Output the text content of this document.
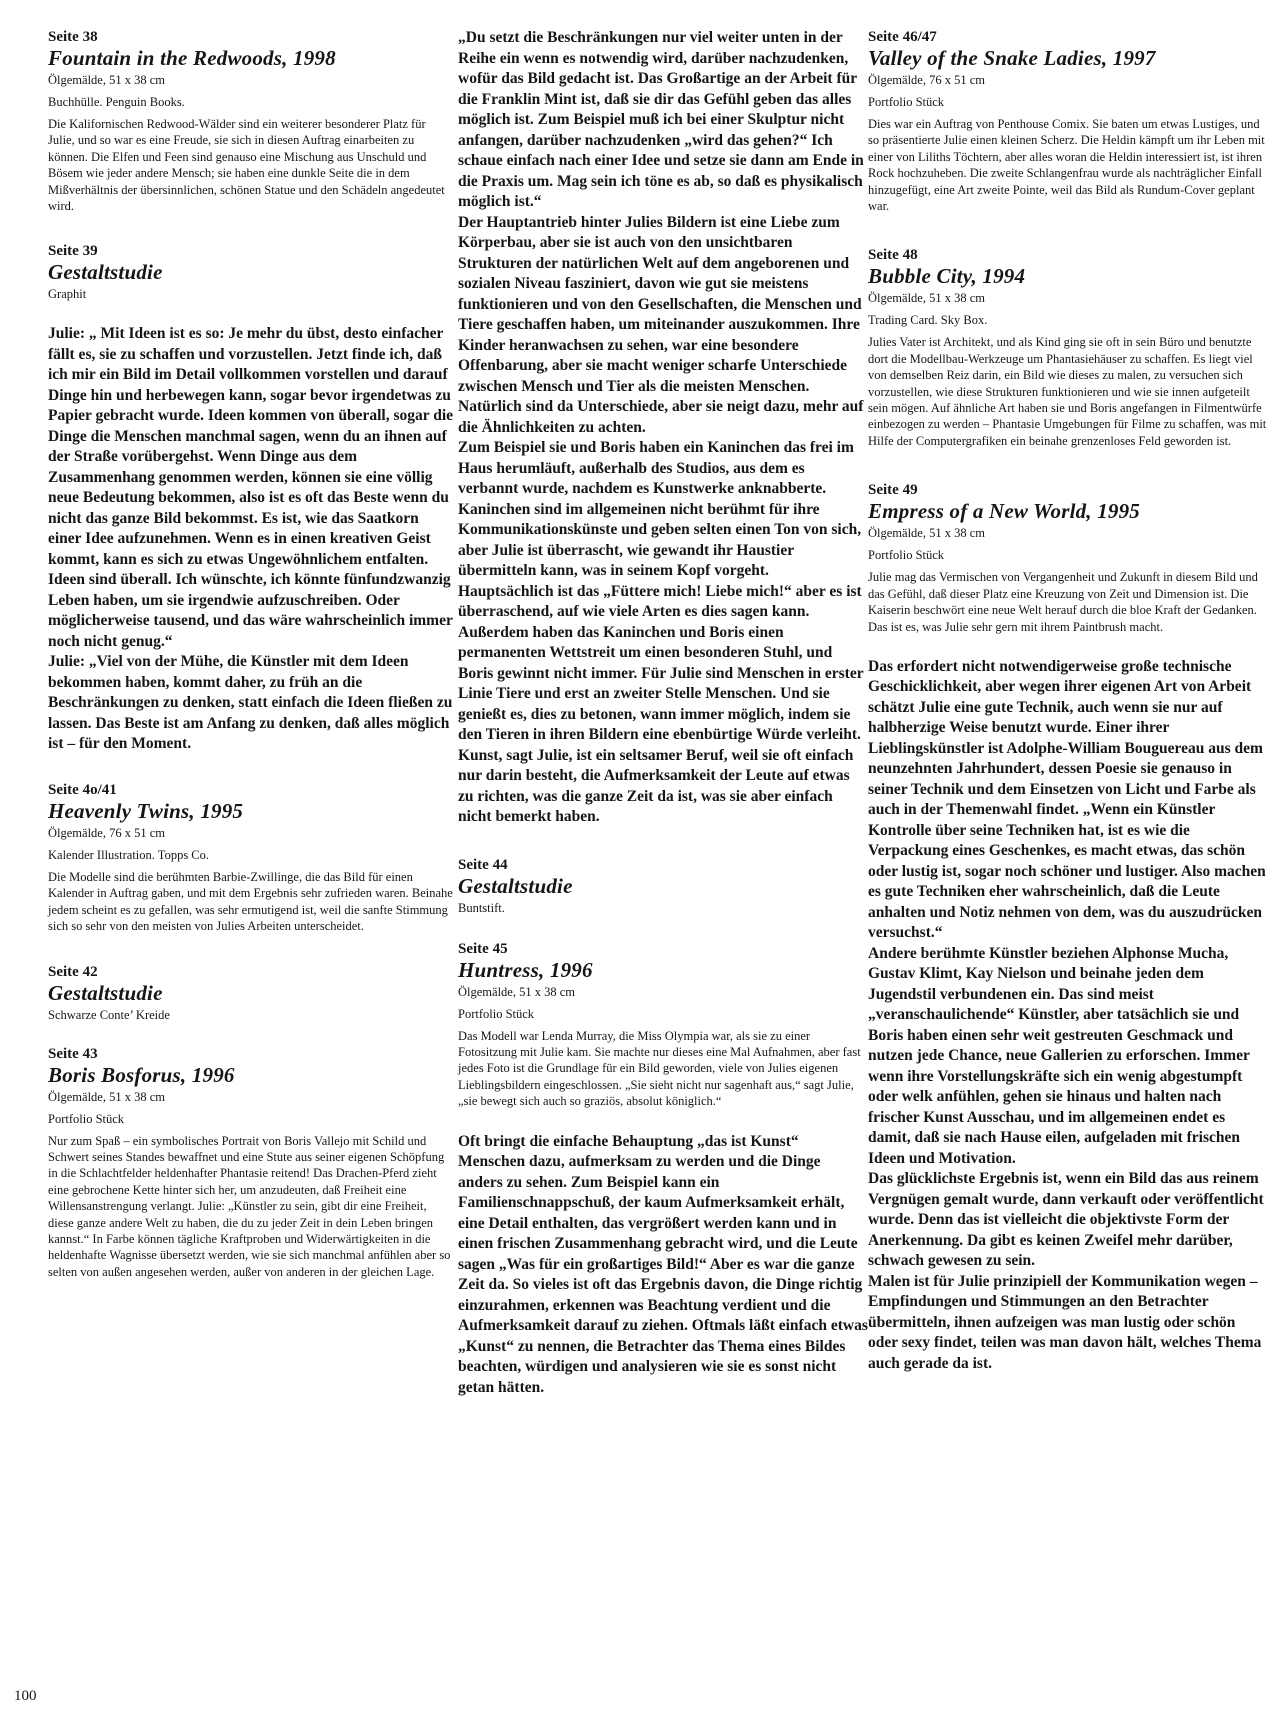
Seite 38

Fountain in the Redwoods, 1998

Ölgemälde, 51 x 38 cm

Buchhülle. Penguin Books.

Die Kalifornischen Redwood-Wälder sind ein weiterer besonderer Platz für Julie, und so war es eine Freude, sie sich in diesen Auftrag einarbeiten zu können. Die Elfen und Feen sind genauso eine Mischung aus Unschuld und Bösem wie jeder andere Mensch; sie haben eine dunkle Seite die in dem Mißverhältnis der übersinnlichen, schönen Statue und den Schädeln angedeutet wird.

Seite 39

Gestaltstudie

Graphit

Julie: „ Mit Ideen ist es so: Je mehr du übst, desto einfacher fällt es, sie zu schaffen und vorzustellen. Jetzt finde ich, daß ich mir ein Bild im Detail vollkommen vorstellen und darauf Dinge hin und herbewegen kann, sogar bevor irgendetwas zu Papier gebracht wurde. Ideen kommen von überall, sogar die Dinge die Menschen manchmal sagen, wenn du an ihnen auf der Straße vorübergehst. Wenn Dinge aus dem Zusammenhang genommen werden, können sie eine völlig neue Bedeutung bekommen, also ist es oft das Beste wenn du nicht das ganze Bild bekommst. Es ist, wie das Saatkorn einer Idee aufzunehmen. Wenn es in einen kreativen Geist kommt, kann es sich zu etwas Ungewöhnlichem entfalten. Ideen sind überall. Ich wünschte, ich könnte fünfundzwanzig Leben haben, um sie irgendwie aufzuschreiben. Oder möglicherweise tausend, und das wäre wahrscheinlich immer noch nicht genug.“

Julie: „Viel von der Mühe, die Künstler mit dem Ideen bekommen haben, kommt daher, zu früh an die Beschränkungen zu denken, statt einfach die Ideen fließen zu lassen. Das Beste ist am Anfang zu denken, daß alles möglich ist – für den Moment.

Seite 4o/41

Heavenly Twins, 1995

Ölgemälde, 76 x 51 cm

Kalender Illustration. Topps Co.

Die Modelle sind die berühmten Barbie-Zwillinge, die das Bild für einen Kalender in Auftrag gaben, und mit dem Ergebnis sehr zufrieden waren. Beinahe jedem scheint es zu gefallen, was sehr ermutigend ist, weil die sanfte Stimmung sich so sehr von den meisten von Julies Arbeiten unterscheidet.

Seite 42

Gestaltstudie

Schwarze Conte’ Kreide

Seite 43

Boris Bosforus, 1996

Ölgemälde, 51 x 38 cm

Portfolio Stück

Nur zum Spaß – ein symbolisches Portrait von Boris Vallejo mit Schild und Schwert seines Standes bewaffnet und eine Stute aus seiner eigenen Schöpfung in die Schlachtfelder heldenhafter Phantasie reitend! Das Drachen-Pferd zieht eine gebrochene Kette hinter sich her, um anzudeuten, daß Freiheit eine Willensanstrengung verlangt. Julie: „Künstler zu sein, gibt dir eine Freiheit, diese ganze andere Welt zu haben, die du zu jeder Zeit in dein Leben bringen kannst.“ In Farbe können tägliche Kraftproben und Widerwärtigkeiten in die heldenhafte Wagnisse übersetzt werden, wie sie sich manchmal anfühlen aber so selten von außen angesehen werden, außer von anderen in der gleichen Lage.

„Du setzt die Beschränkungen nur viel weiter unten in der Reihe ein wenn es notwendig wird, darüber nachzudenken, wofür das Bild gedacht ist. Das Großartige an der Arbeit für die Franklin Mint ist, daß sie dir das Gefühl geben das alles möglich ist. Zum Beispiel muß ich bei einer Skulptur nicht anfangen, darüber nachzudenken „wird das gehen?“ Ich schaue einfach nach einer Idee und setze sie dann am Ende in die Praxis um. Mag sein ich töne es ab, so daß es physikalisch möglich ist.“

Der Hauptantrieb hinter Julies Bildern ist eine Liebe zum Körperbau, aber sie ist auch von den unsichtbaren Strukturen der natürlichen Welt auf dem angeborenen und sozialen Niveau fasziniert, davon wie gut sie meistens funktionieren und von den Gesellschaften, die Menschen und Tiere geschaffen haben, um miteinander auszukommen. Ihre Kinder heranwachsen zu sehen, war eine besondere Offenbarung, aber sie macht weniger scharfe Unterschiede zwischen Mensch und Tier als die meisten Menschen. Natürlich sind da Unterschiede, aber sie neigt dazu, mehr auf die Ähnlichkeiten zu achten.

Zum Beispiel sie und Boris haben ein Kaninchen das frei im Haus herumläuft, außerhalb des Studios, aus dem es verbannt wurde, nachdem es Kunstwerke anknabberte. Kaninchen sind im allgemeinen nicht berühmt für ihre Kommunikationskünste und geben selten einen Ton von sich, aber Julie ist überrascht, wie gewandt ihr Haustier übermitteln kann, was in seinem Kopf vorgeht. Hauptsächlich ist das „Füttere mich! Liebe mich!“ aber es ist überraschend, auf wie viele Arten es dies sagen kann. Außerdem haben das Kaninchen und Boris einen permanenten Wettstreit um einen besonderen Stuhl, und Boris gewinnt nicht immer. Für Julie sind Menschen in erster Linie Tiere und erst an zweiter Stelle Menschen. Und sie genießt es, dies zu betonen, wann immer möglich, indem sie den Tieren in ihren Bildern eine ebenbürtige Würde verleiht.

Kunst, sagt Julie, ist ein seltsamer Beruf, weil sie oft einfach nur darin besteht, die Aufmerksamkeit der Leute auf etwas zu richten, was die ganze Zeit da ist, was sie aber einfach nicht bemerkt haben.

Seite 44

Gestaltstudie

Buntstift.

Seite 45

Huntress, 1996

Ölgemälde, 51 x 38 cm

Portfolio Stück

Das Modell war Lenda Murray, die Miss Olympia war, als sie zu einer Fotositzung mit Julie kam. Sie machte nur dieses eine Mal Aufnahmen, aber fast jedes Foto ist die Grundlage für ein Bild geworden, viele von Julies eigenen Lieblingsbildern eingeschlossen. „Sie sieht nicht nur sagenhaft aus,“ sagt Julie, „sie bewegt sich auch so graziös, absolut königlich.“

Oft bringt die einfache Behauptung „das ist Kunst“ Menschen dazu, aufmerksam zu werden und die Dinge anders zu sehen. Zum Beispiel kann ein Familienschnappschuß, der kaum Aufmerksamkeit erhält, eine Detail enthalten, das vergrößert werden kann und in einen frischen Zusammenhang gebracht wird, und die Leute sagen „Was für ein großartiges Bild!“ Aber es war die ganze Zeit da. So vieles ist oft das Ergebnis davon, die Dinge richtig einzurahmen, erkennen was Beachtung verdient und die Aufmerksamkeit darauf zu ziehen. Oftmals läßt einfach etwas „Kunst“ zu nennen, die Betrachter das Thema eines Bildes beachten, würdigen und analysieren wie sie es sonst nicht getan hätten.

Seite 46/47

Valley of the Snake Ladies, 1997

Ölgemälde, 76 x 51 cm

Portfolio Stück

Dies war ein Auftrag von Penthouse Comix. Sie baten um etwas Lustiges, und so präsentierte Julie einen kleinen Scherz. Die Heldin kämpft um ihr Leben mit einer von Liliths Töchtern, aber alles woran die Heldin interessiert ist, ist ihren Rock hochzuheben. Die zweite Schlangenfrau wurde als nachträglicher Einfall hinzugefügt, eine Art zweite Pointe, weil das Bild als Rundum-Cover geplant war.

Seite 48

Bubble City, 1994

Ölgemälde, 51 x 38 cm

Trading Card. Sky Box.

Julies Vater ist Architekt, und als Kind ging sie oft in sein Büro und benutzte dort die Modellbau-Werkzeuge um Phantasiehäuser zu schaffen. Es liegt viel von demselben Reiz darin, ein Bild wie dieses zu malen, zu versuchen sich vorzustellen, wie diese Strukturen funktionieren und wie sie innen aufgeteilt sein mögen. Auf ähnliche Art haben sie und Boris angefangen in Filmentwürfe einbezogen zu werden – Phantasie Umgebungen für Filme zu schaffen, was mit Hilfe der Computergrafiken ein beinahe grenzenloses Feld geworden ist.

Seite 49

Empress of a New World, 1995

Ölgemälde, 51 x 38 cm

Portfolio Stück

Julie mag das Vermischen von Vergangenheit und Zukunft in diesem Bild und das Gefühl, daß dieser Platz eine Kreuzung von Zeit und Dimension ist. Die Kaiserin beschwört eine neue Welt herauf durch die bloe Kraft der Gedanken. Das ist es, was Julie sehr gern mit ihrem Paintbrush macht.

Das erfordert nicht notwendigerweise große technische Geschicklichkeit, aber wegen ihrer eigenen Art von Arbeit schätzt Julie eine gute Technik, auch wenn sie nur auf halbherzige Weise benutzt wurde. Einer ihrer Lieblingskünstler ist Adolphe-William Bouguereau aus dem neunzehnten Jahrhundert, dessen Poesie sie genauso in seiner Technik und dem Einsetzen von Licht und Farbe als auch in der Themenwahl findet. „Wenn ein Künstler Kontrolle über seine Techniken hat, ist es wie die Verpackung eines Geschenkes, es macht etwas, das schön oder lustig ist, sogar noch schöner und lustiger. Also machen es gute Techniken eher wahrscheinlich, daß die Leute anhalten und Notiz nehmen von dem, was du auszudrücken versuchst.“

Andere berühmte Künstler beziehen Alphonse Mucha, Gustav Klimt, Kay Nielson und beinahe jeden dem Jugendstil verbundenen ein. Das sind meist „veranschaulichende“ Künstler, aber tatsächlich sie und Boris haben einen sehr weit gestreuten Geschmack und nutzen jede Chance, neue Gallerien zu erforschen. Immer wenn ihre Vorstellungskräfte sich ein wenig abgestumpft oder welk anfühlen, gehen sie hinaus und halten nach frischer Kunst Ausschau, und im allgemeinen endet es damit, daß sie nach Hause eilen, aufgeladen mit frischen Ideen und Motivation.

Das glücklichste Ergebnis ist, wenn ein Bild das aus reinem Vergnügen gemalt wurde, dann verkauft oder veröffentlicht wurde. Denn das ist vielleicht die objektivste Form der Anerkennung. Da gibt es keinen Zweifel mehr darüber, schwach gewesen zu sein.

Malen ist für Julie prinzipiell der Kommunikation wegen – Empfindungen und Stimmungen an den Betrachter übermitteln, ihnen aufzeigen was man lustig oder schön oder sexy findet, teilen was man davon hält, welches Thema auch gerade da ist.

100
